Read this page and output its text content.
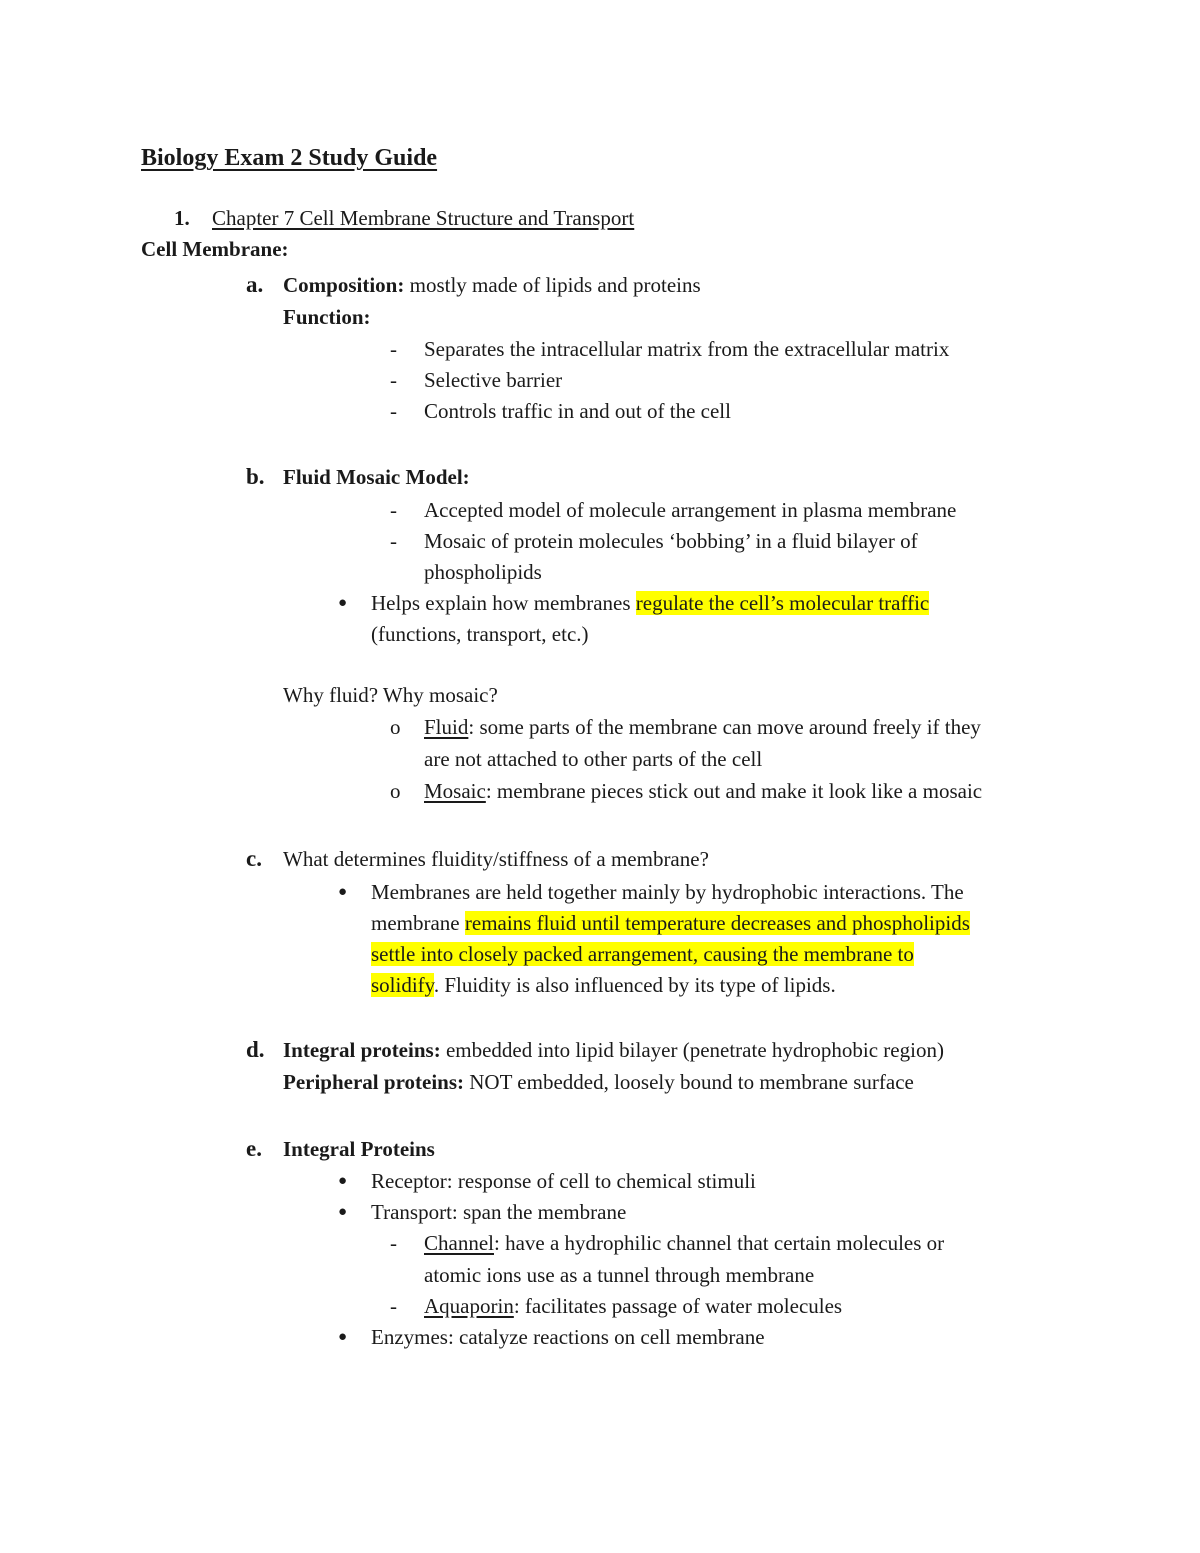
Biology Exam 2 Study Guide
1. Chapter 7 Cell Membrane Structure and Transport
Cell Membrane:
a. Composition: mostly made of lipids and proteins
Function:
- Separates the intracellular matrix from the extracellular matrix
- Selective barrier
- Controls traffic in and out of the cell
b. Fluid Mosaic Model:
- Accepted model of molecule arrangement in plasma membrane
- Mosaic of protein molecules ‘bobbing’ in a fluid bilayer of
phospholipids
● Helps explain how membranes regulate the cell’s molecular traffic
(functions, transport, etc.)
Why fluid? Why mosaic?
o Fluid: some parts of the membrane can move around freely if they
are not attached to other parts of the cell
o Mosaic: membrane pieces stick out and make it look like a mosaic
c. What determines fluidity/stiffness of a membrane?
● Membranes are held together mainly by hydrophobic interactions. The
membrane remains fluid until temperature decreases and phospholipids
settle into closely packed arrangement, causing the membrane to
solidify. Fluidity is also influenced by its type of lipids.
d. Integral proteins: embedded into lipid bilayer (penetrate hydrophobic region)
Peripheral proteins: NOT embedded, loosely bound to membrane surface
e. Integral Proteins
● Receptor: response of cell to chemical stimuli
● Transport: span the membrane
- Channel: have a hydrophilic channel that certain molecules or
atomic ions use as a tunnel through membrane
- Aquaporin: facilitates passage of water molecules
● Enzymes: catalyze reactions on cell membrane
